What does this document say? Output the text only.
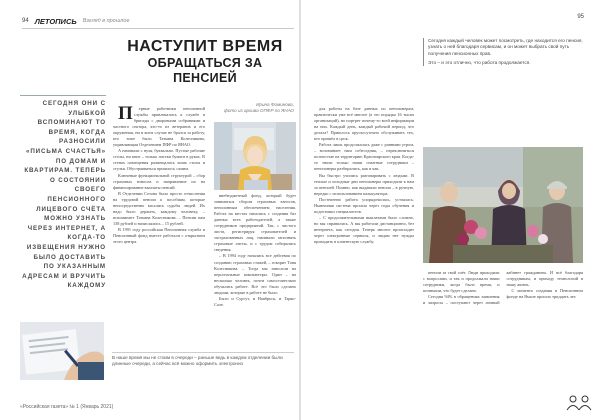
94 ЛЕТОПИСЬ Взгляд в прошлое
95
НАСТУПИТ ВРЕМЯ
ОБРАЩАТЬСЯ ЗА ПЕНСИЕЙ

СЕГОДНЯ ОНИ С УЛЫБКОЙ ВСПОМИНАЮТ ТО ВРЕМЯ, КОГДА РАЗНОСИЛИ «ПИСЬМА СЧАСТЬЯ» ПО ДОМАМ И КВАРТИРАМ. ТЕПЕРЬ О СОСТОЯНИИ СВОЕГО ПЕНСИОННОГО ЛИЦЕВОГО СЧЁТА МОЖНО УЗНАТЬ ЧЕРЕЗ ИНТЕРНЕТ, А КОГДА-ТО ИЗВЕЩЕНИЯ НУЖНО БЫЛО ДОСТАВИТЬ ПО УКАЗАННЫМ АДРЕСАМ И ВРУЧИТЬ КАЖДОМУ

Ирина Фоминова,
фото из архива ОПФР по ЯНАО

Первые работники пенсионной службы привлекались к службе в бригады с дворовыми собраниями и частного сектора, кто-то из ветеранов и его окружения, ни в коем случае не брался за работу, кто тоже было Татьяна Колесникова, управляющая Отделением ПФР по ЯНАО.

А начинали с нуля, буквально. Пустые рабочие столы, ни книг – только листки бумаги в руках. В стенах помещения размещались лишь столы и стулья. Обустраиваться пришлось самим.

Ключевые функциональной структурой – сбор страховых взносов и направление их на финансирование выплаты пенсий.

В Отделении Сезона было просто отчисления на трудовой пенсии к пособиям, которые непосредственно касались судьбы людей. Их надо было держать, каждому человеку, – вспоминает Татьяна Колесникова. – Пенсии нам 138 рублей и начислялись – 15 рублей.

В 1991 году российская Пенсионная служба и Пенсионный фонд вместе работали с открытием этого центра.

внебюджетный фонд, который будет заниматься сбором страховых взносов, пенсионным обеспечением населения. Работа на местах начались с создания баз данных всех работодателей, а также сотрудников предприятий. Так, с чистого листа, регистрируя страхователей и застрахованных лиц, начинали заполнять страховые листы, и с трудом собирались сведения.

– В 1994 году начались все действия по созданию страховых стажей, – говорит Таня Колесникова. – Тогда мы заносили на персональные компьютеры. Один – на несколько человек, почти самостоятельно обучались работе. Всё это было сделано людьми, которые в работе не было.

Было и Сургут, и Ноябрьск, и Тарко-Сале.

для работы на базе данных по пенсионерам, практически уже всё многое (а это порядка 16 тысяч организаций), но портрет почему-то всей информации на них. Каждый день, каждый рабочий период, что делала? Пришлось круглосуточно обслуживать тех, кто пришёл в срок.

Работа лишь продолжалась даже с ранними утром, – вспоминает наш собеседник, – переключиться полностью на территорию Красноярского края. Когда-то знали только наши опытные сотрудники – пенсионеры разбирались, как и как.

Вы быстро учились разговаривать с людьми. В теплые и холодные дни пенсионеры приходили к нам за пенсией. Помню, как выдавали пенсии – в ручную, нередко с использованием калькулятора.

Постепенно работа упорядочилась, устоялась. Нынешняя система прошла через годы обучения и подготовки специалистов.

– С продолжительными выплатами было сложно, но мы справились. А мы работали дистанционно, без интернета, как сегодня. Теперь многое происходит через электронные сервисы, и людям нет нужды приходить в клиентскую службу.

Сегодня каждый человек может посмотреть, где находится его пенсия, узнать о ней благодаря сервисам, и он может выбрать свой путь получения пенсионных прав.

Это – и это отлично, что работа продолжается.

пенсии за свой счёт. Люди приходили с вопросами, и так и продолжали наши сотрудники, когда было время, и понимали, что будет сделано.

Сегодня 94% в обращениях заявления и запросы – поступают через личный кабинет гражданина. И всё благодаря сотрудникам, и приходу технологий в нашу жизнь.

С момента создания в Пенсионном фонде на Ямале прошло тридцать лет.

В наше время мы не стоим в очереди – раньше ведь в каждом отделении были длинные очереди, а сейчас всё можно оформить электронно
«Российская газета» № 1 (Январь 2021)
